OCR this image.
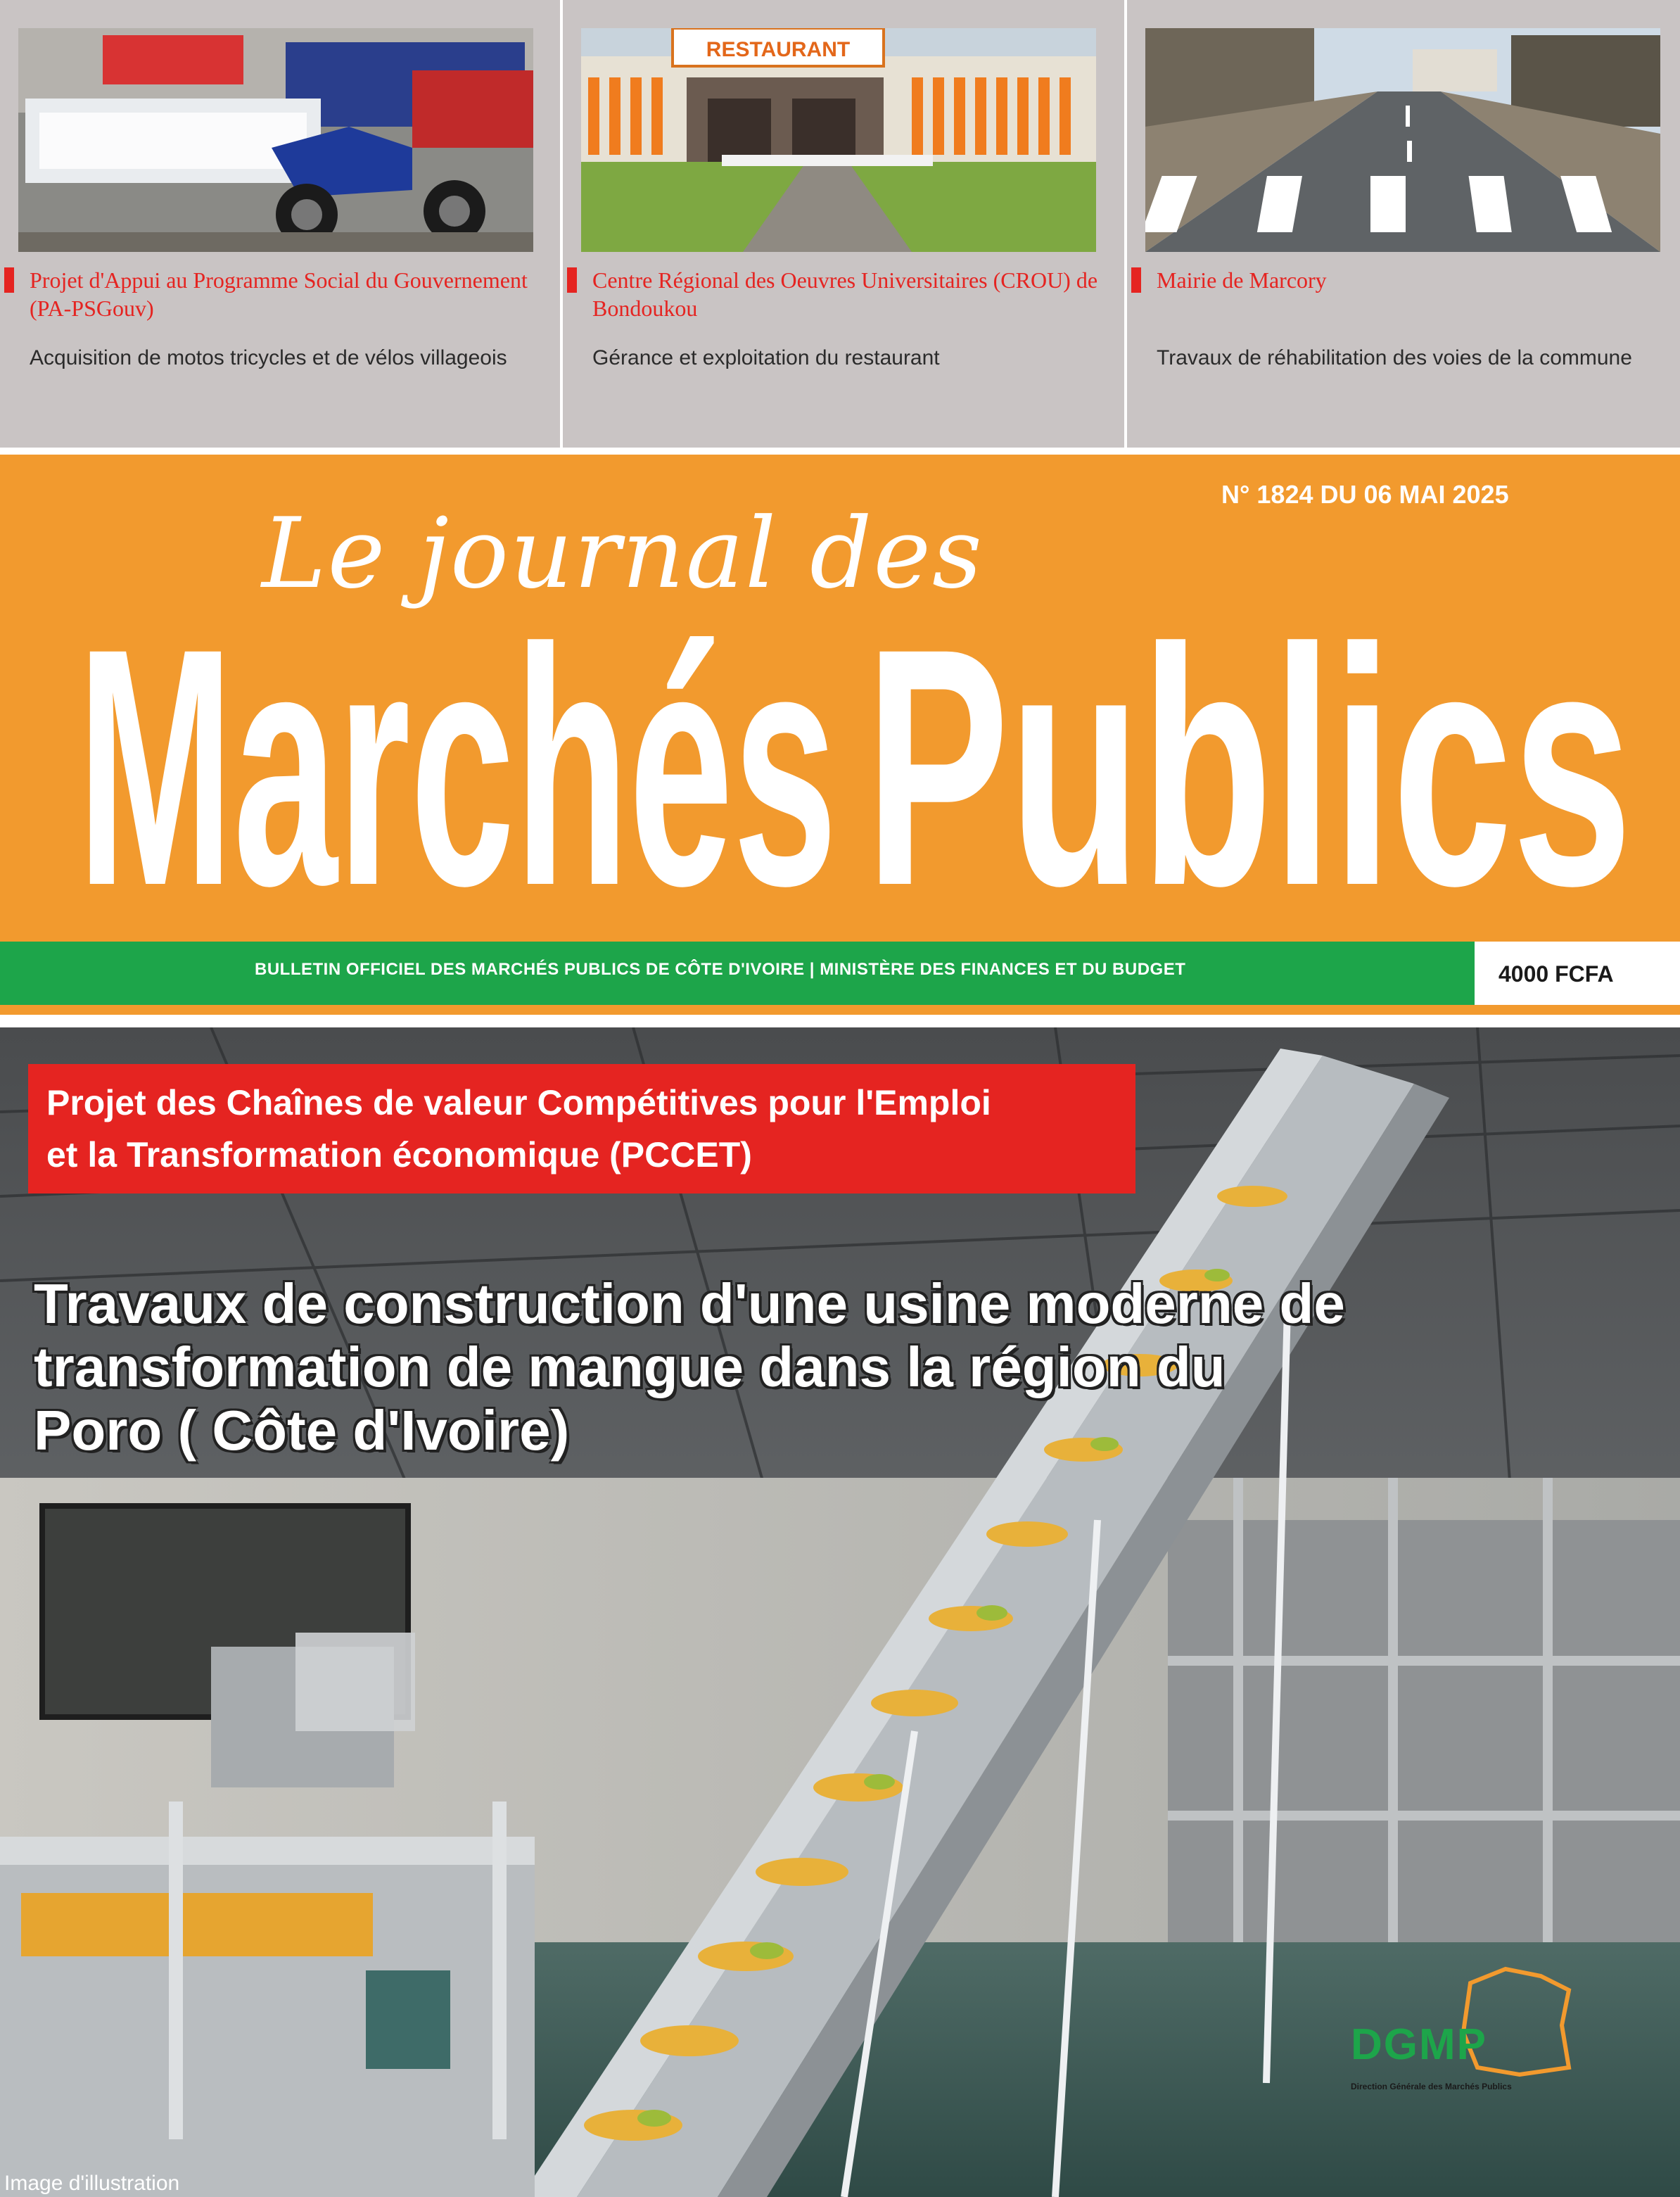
Projet d'Appui au Programme Social du Gouvernement (PA-PSGouv)
Acquisition de motos tricycles et de vélos villageois
RESTAURANT
Centre Régional des Oeuvres Universitaires (CROU) de Bondoukou
Gérance et exploitation du restaurant
Mairie de Marcory
Travaux de réhabilitation des voies de la commune
N° 1824 DU 06 MAI 2025
Le journal des
Marchés Publics
BULLETIN OFFICIEL DES MARCHÉS PUBLICS DE CÔTE D'IVOIRE | MINISTÈRE DES FINANCES ET DU BUDGET	4000 FCFA
Projet des Chaînes de valeur Compétitives pour l'Emploi
et la Transformation économique (PCCET)
Travaux de construction d'une usine moderne de
transformation de mangue dans la région du
Poro ( Côte d'Ivoire)
DGMP
Direction Générale des Marchés Publics
Image d'illustration
